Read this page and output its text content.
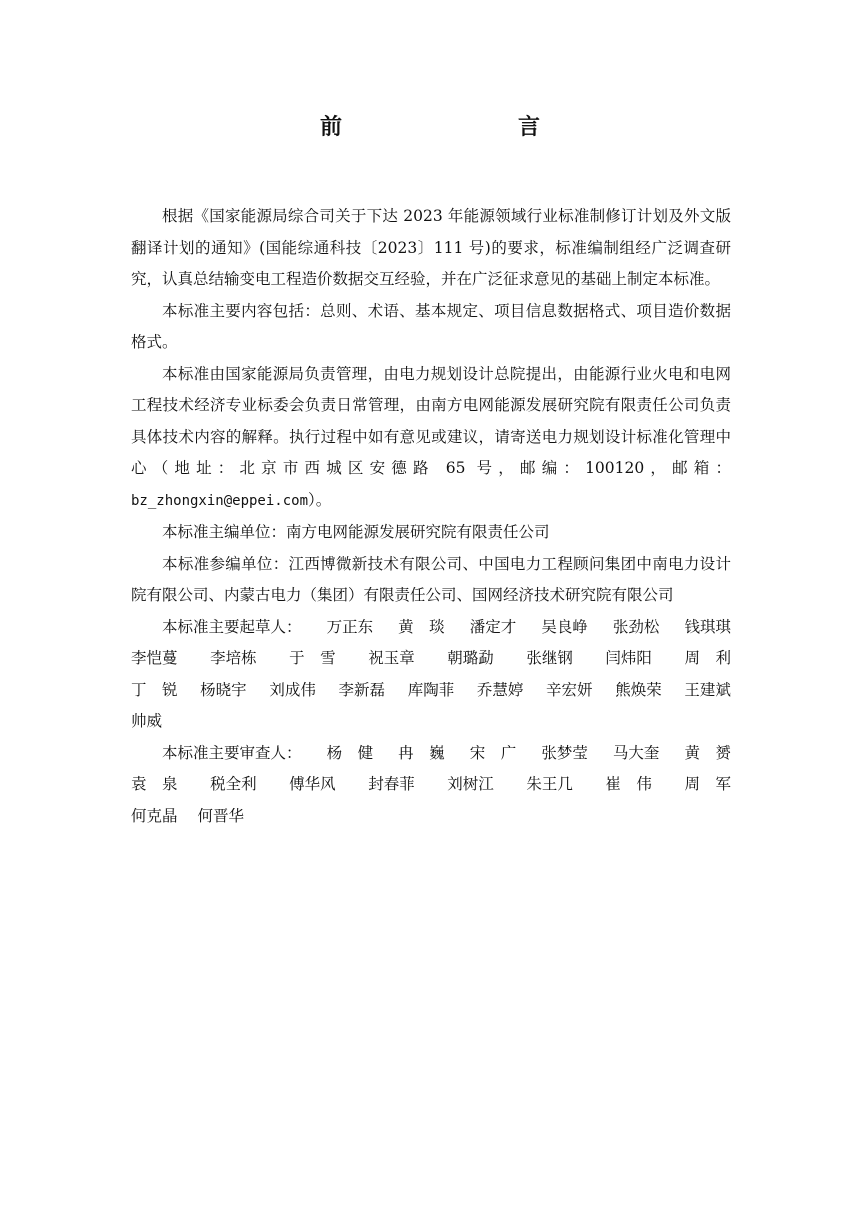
前　　言

根据《国家能源局综合司关于下达 2023 年能源领域行业标准制修订计划及外文版翻译计划的通知》(国能综通科技〔2023〕111 号)的要求，标准编制组经广泛调查研究，认真总结输变电工程造价数据交互经验，并在广泛征求意见的基础上制定本标准。

本标准主要内容包括：总则、术语、基本规定、项目信息数据格式、项目造价数据格式。

本标准由国家能源局负责管理，由电力规划设计总院提出，由能源行业火电和电网工程技术经济专业标委会负责日常管理，由南方电网能源发展研究院有限责任公司负责具体技术内容的解释。执行过程中如有意见或建议，请寄送电力规划设计标准化管理中心（地址：北京市西城区安德路 65 号，邮编：100120，邮箱：bz_zhongxin@eppei.com）。

本标准主编单位：南方电网能源发展研究院有限责任公司

本标准参编单位：江西博微新技术有限公司、中国电力工程顾问集团中南电力设计院有限公司、内蒙古电力（集团）有限责任公司、国网经济技术研究院有限公司

本标准主要起草人： 万正东 黄　琰 潘定才 吴良峥 张劲松 钱琪琪
李恺蔓 李培栋 于　雪 祝玉章 朝璐勐 张继钢 闫炜阳 周　利
丁　锐 杨晓宇 刘成伟 李新磊 库陶菲 乔慧婷 辛宏妍 熊焕荣 王建斌
帅威
本标准主要审查人： 杨　健 冉　巍 宋　广 张梦莹 马大奎 黄　赟
袁　泉 税全利 傅华风 封春菲 刘树江 朱王几 崔　伟 周　军
何克晶 何晋华
